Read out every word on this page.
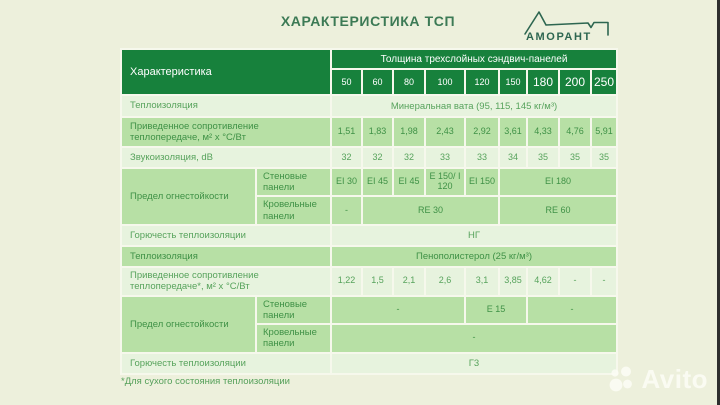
ХАРАКТЕРИСТИКА ТСП
АМОРАНТ
Характеристика		Толщина трехслойных сэндвич-панелей								
		50	60	80	100	120	150	180	200	250
Теплоизоляция		Минеральная вата (95, 115, 145 кг/м³)								
Приведенное сопротивление теплопередаче, м² х °С/Вт		1,51	1,83	1,98	2,43	2,92	3,61	4,33	4,76	5,91
Звукоизоляция, dB		32	32	32	33	33	34	35	35	35
Предел огнестойкости	Стеновые панели	EI 30	EI 45	EI 45	E 150/ I 120	EI 150	EI 180			
	Кровельные панели	-	RE 30				RE 60			
Горючесть теплоизоляции		НГ								
Теплоизоляция		Пенополистерол (25 кг/м³)								
Приведенное сопротивление теплопередаче*, м² х °С/Вт		1,22	1,5	2,1	2,6	3,1	3,85	4,62	-	-
Предел огнестойкости	Стеновые панели	-				E 15		-		
	Кровельные панели	-								
Горючесть теплоизоляции		Г3								
*Для сухого состояния теплоизоляции	Avito
